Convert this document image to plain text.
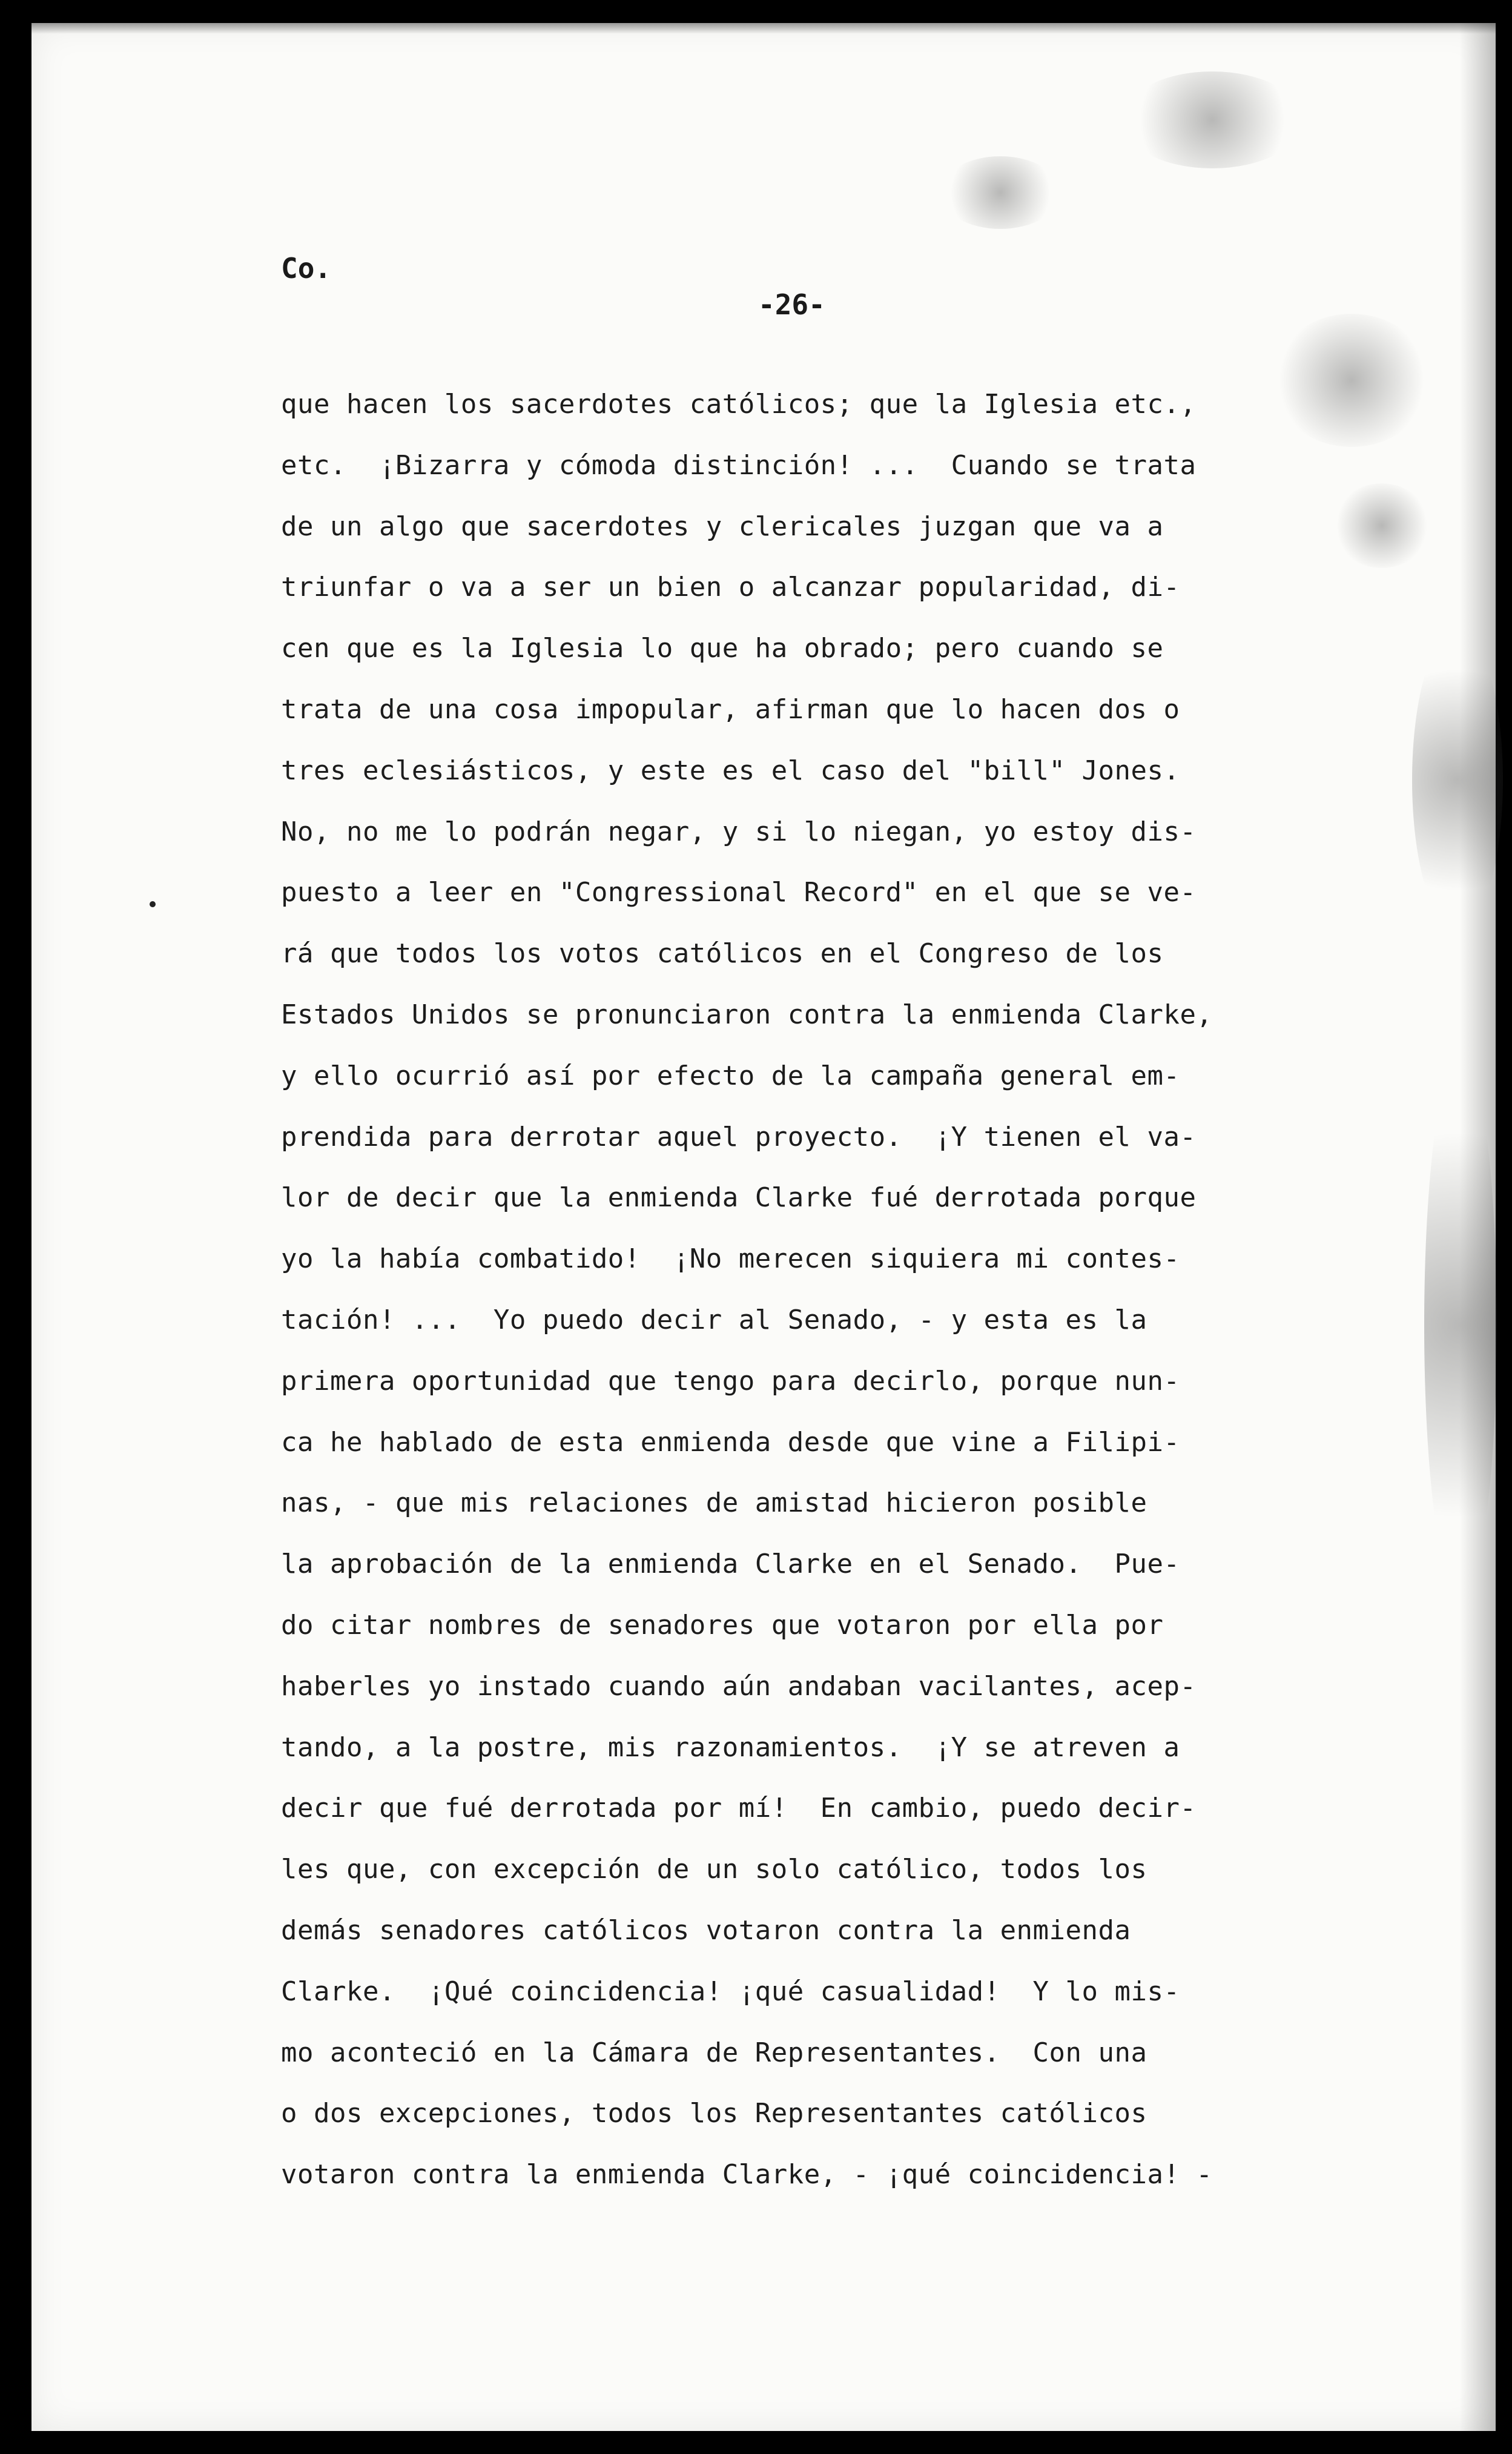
Co.
-26-
que hacen los sacerdotes católicos; que la Iglesia etc.,
etc.  ¡Bizarra y cómoda distinción! ...  Cuando se trata
de un algo que sacerdotes y clericales juzgan que va a
triunfar o va a ser un bien o alcanzar popularidad, di-
cen que es la Iglesia lo que ha obrado; pero cuando se
trata de una cosa impopular, afirman que lo hacen dos o
tres eclesiásticos, y este es el caso del "bill" Jones.
No, no me lo podrán negar, y si lo niegan, yo estoy dis-
puesto a leer en "Congressional Record" en el que se ve-
rá que todos los votos católicos en el Congreso de los
Estados Unidos se pronunciaron contra la enmienda Clarke,
y ello ocurrió así por efecto de la campaña general em-
prendida para derrotar aquel proyecto.  ¡Y tienen el va-
lor de decir que la enmienda Clarke fué derrotada porque
yo la había combatido!  ¡No merecen siquiera mi contes-
tación! ...  Yo puedo decir al Senado, - y esta es la
primera oportunidad que tengo para decirlo, porque nun-
ca he hablado de esta enmienda desde que vine a Filipi-
nas, - que mis relaciones de amistad hicieron posible
la aprobación de la enmienda Clarke en el Senado.  Pue-
do citar nombres de senadores que votaron por ella por
haberles yo instado cuando aún andaban vacilantes, acep-
tando, a la postre, mis razonamientos.  ¡Y se atreven a
decir que fué derrotada por mí!  En cambio, puedo decir-
les que, con excepción de un solo católico, todos los
demás senadores católicos votaron contra la enmienda
Clarke.  ¡Qué coincidencia! ¡qué casualidad!  Y lo mis-
mo aconteció en la Cámara de Representantes.  Con una
o dos excepciones, todos los Representantes católicos
votaron contra la enmienda Clarke, - ¡qué coincidencia! -
